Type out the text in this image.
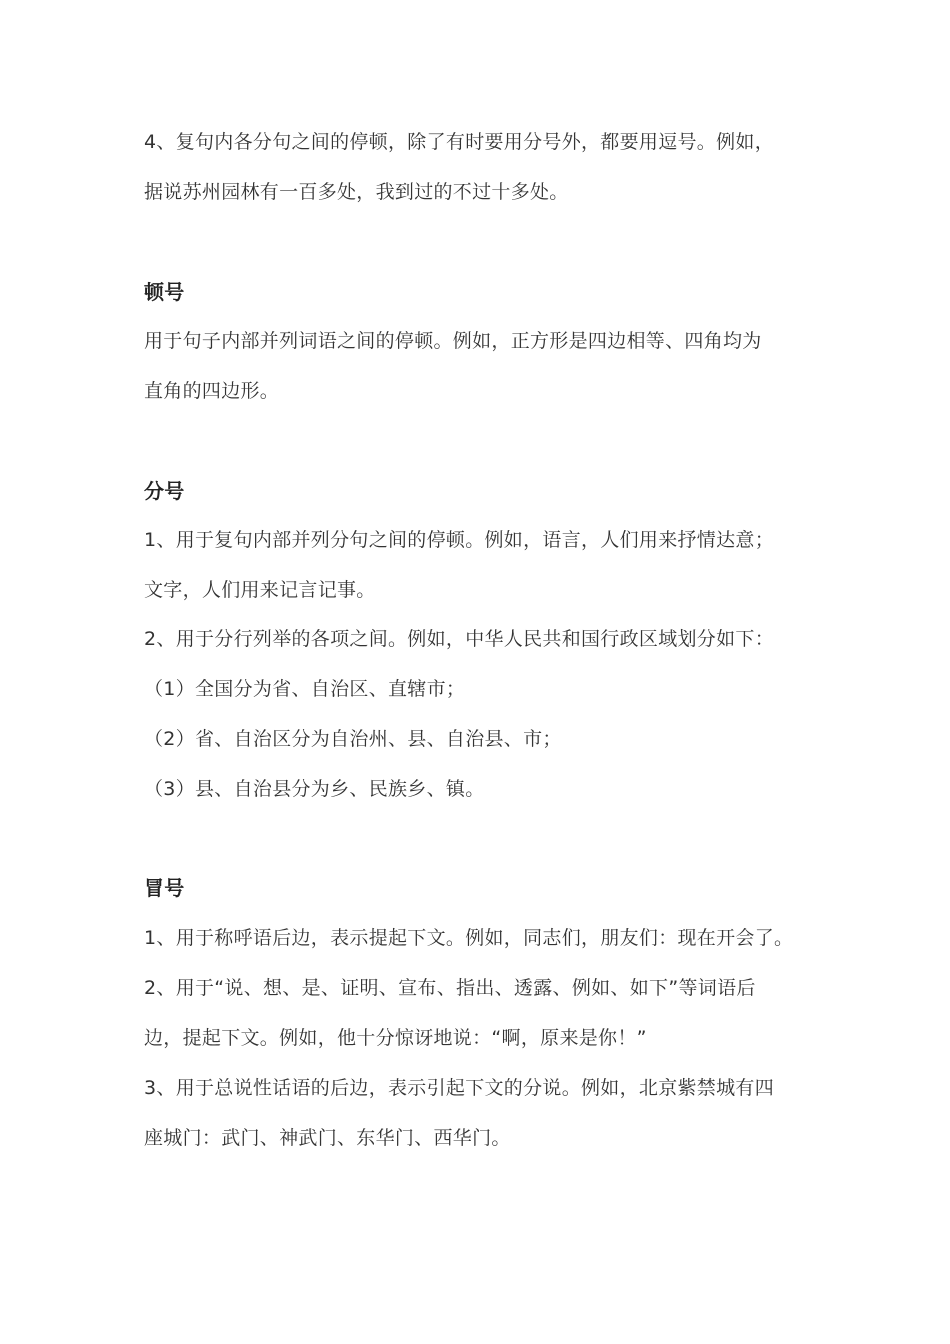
4、复句内各分句之间的停顿，除了有时要用分号外，都要用逗号。例如，
据说苏州园林有一百多处，我到过的不过十多处。
顿号
用于句子内部并列词语之间的停顿。例如，正方形是四边相等、四角均为
直角的四边形。
分号
1、用于复句内部并列分句之间的停顿。例如，语言，人们用来抒情达意；
文字，人们用来记言记事。
2、用于分行列举的各项之间。例如，中华人民共和国行政区域划分如下：
（1）全国分为省、自治区、直辖市；
（2）省、自治区分为自治州、县、自治县、市；
（3）县、自治县分为乡、民族乡、镇。
冒号
1、用于称呼语后边，表示提起下文。例如，同志们，朋友们：现在开会了。
2、用于“说、想、是、证明、宣布、指出、透露、例如、如下”等词语后
边，提起下文。例如，他十分惊讶地说：“啊，原来是你！”
3、用于总说性话语的后边，表示引起下文的分说。例如，北京紫禁城有四
座城门：武门、神武门、东华门、西华门。
